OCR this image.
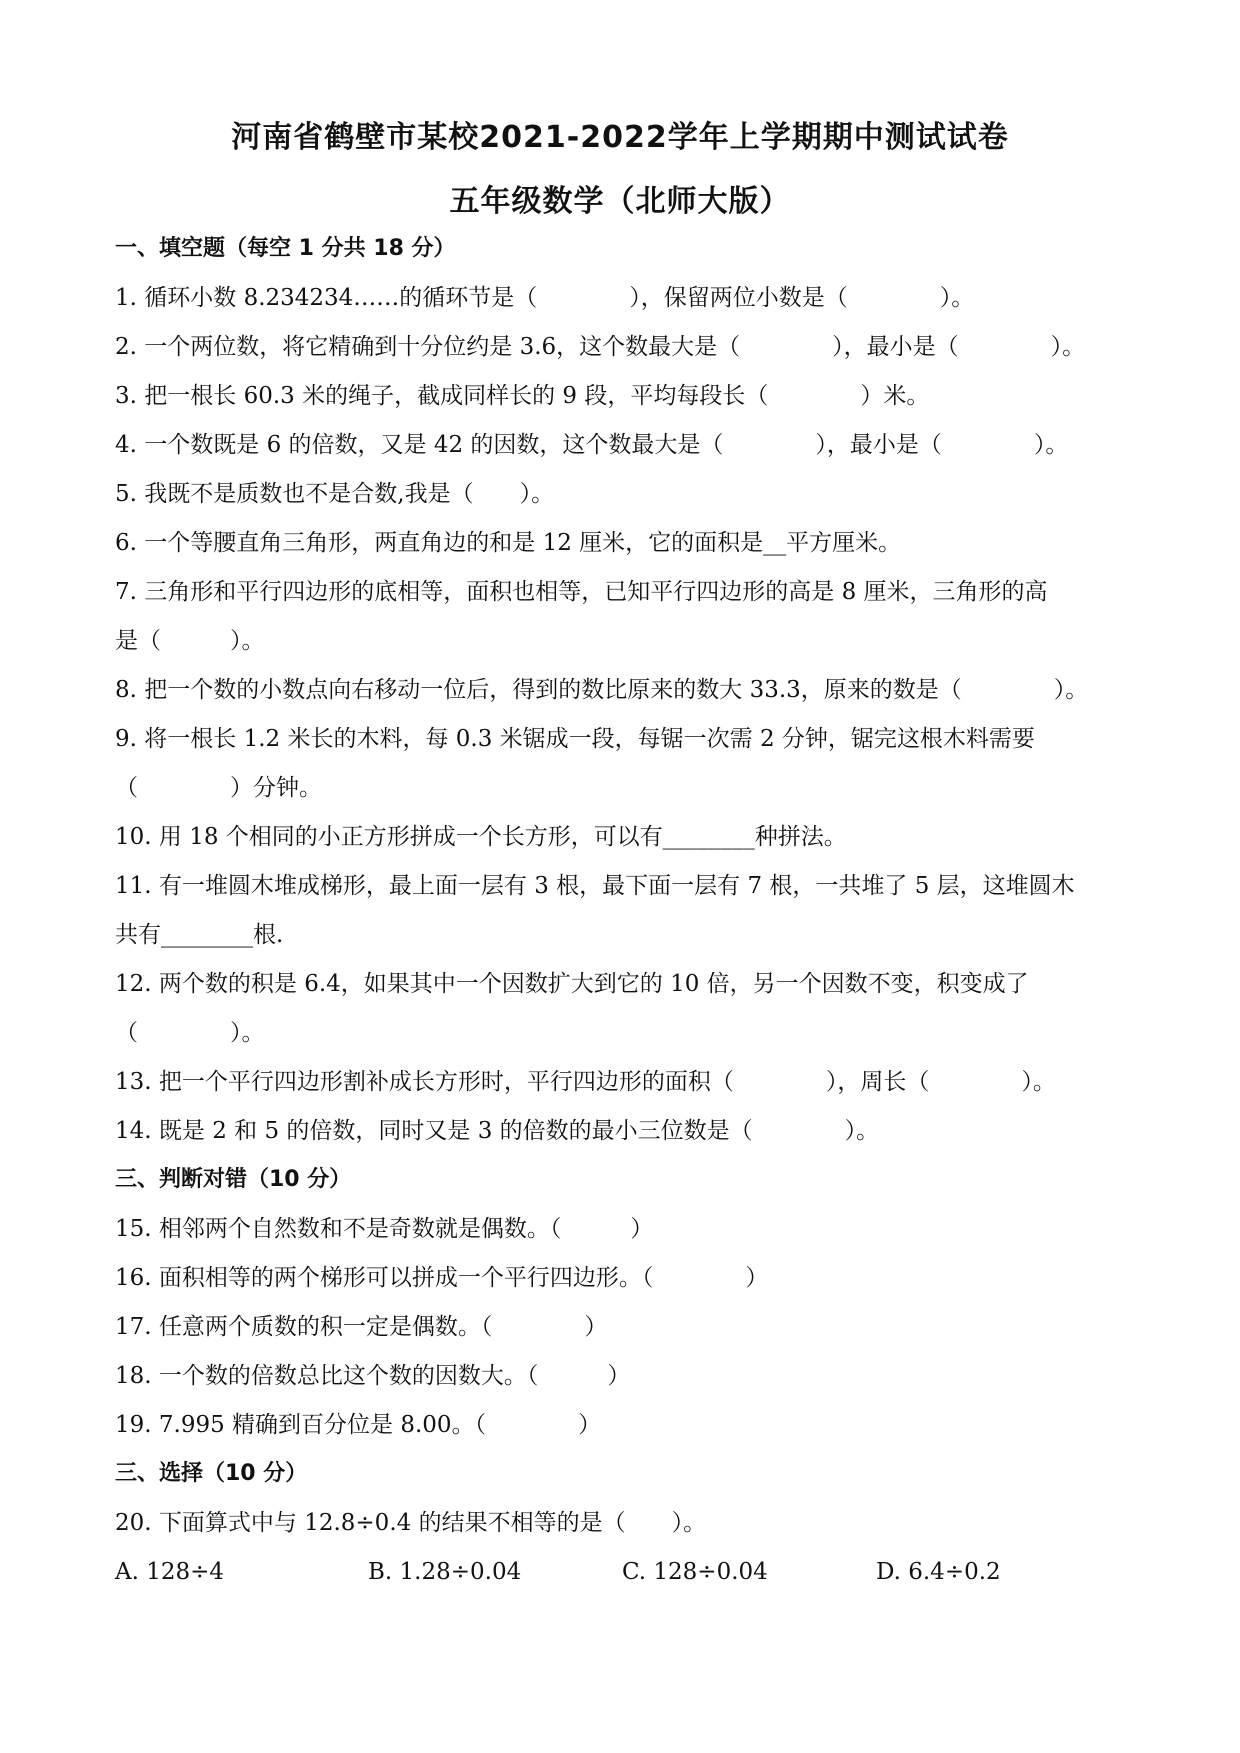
河南省鹤壁市某校2021-2022学年上学期期中测试试卷
五年级数学（北师大版）
一、填空题（每空 1 分共 18 分）
1. 循环小数 8.234234……的循环节是（　　　　），保留两位小数是（　　　　）。
2. 一个两位数，将它精确到十分位约是 3.6，这个数最大是（　　　　），最小是（　　　　）。
3. 把一根长 60.3 米的绳子，截成同样长的 9 段，平均每段长（　　　　）米。
4. 一个数既是 6 的倍数，又是 42 的因数，这个数最大是（　　　　），最小是（　　　　）。
5. 我既不是质数也不是合数,我是（　　）。
6. 一个等腰直角三角形，两直角边的和是 12 厘米，它的面积是__平方厘米。
7. 三角形和平行四边形的底相等，面积也相等，已知平行四边形的高是 8 厘米，三角形的高
是（　　　）。
8. 把一个数的小数点向右移动一位后，得到的数比原来的数大 33.3，原来的数是（　　　　）。
9. 将一根长 1.2 米长的木料，每 0.3 米锯成一段，每锯一次需 2 分钟，锯完这根木料需要
（　　　　）分钟。
10. 用 18 个相同的小正方形拼成一个长方形，可以有________种拼法。
11. 有一堆圆木堆成梯形，最上面一层有 3 根，最下面一层有 7 根，一共堆了 5 层，这堆圆木
共有________根.
12. 两个数的积是 6.4，如果其中一个因数扩大到它的 10 倍，另一个因数不变，积变成了
（　　　　）。
13. 把一个平行四边形割补成长方形时，平行四边形的面积（　　　　），周长（　　　　）。
14. 既是 2 和 5 的倍数，同时又是 3 的倍数的最小三位数是（　　　　）。
三、判断对错（10 分）
15. 相邻两个自然数和不是奇数就是偶数。（　　　）
16. 面积相等的两个梯形可以拼成一个平行四边形。（　　　　）
17. 任意两个质数的积一定是偶数。（　　　　）
18. 一个数的倍数总比这个数的因数大。（　　　）
19. 7.995 精确到百分位是 8.00。（　　　　）
三、选择（10 分）
20. 下面算式中与 12.8÷0.4 的结果不相等的是（　　）。
A. 128÷4	B. 1.28÷0.04	C. 128÷0.04	D. 6.4÷0.2
